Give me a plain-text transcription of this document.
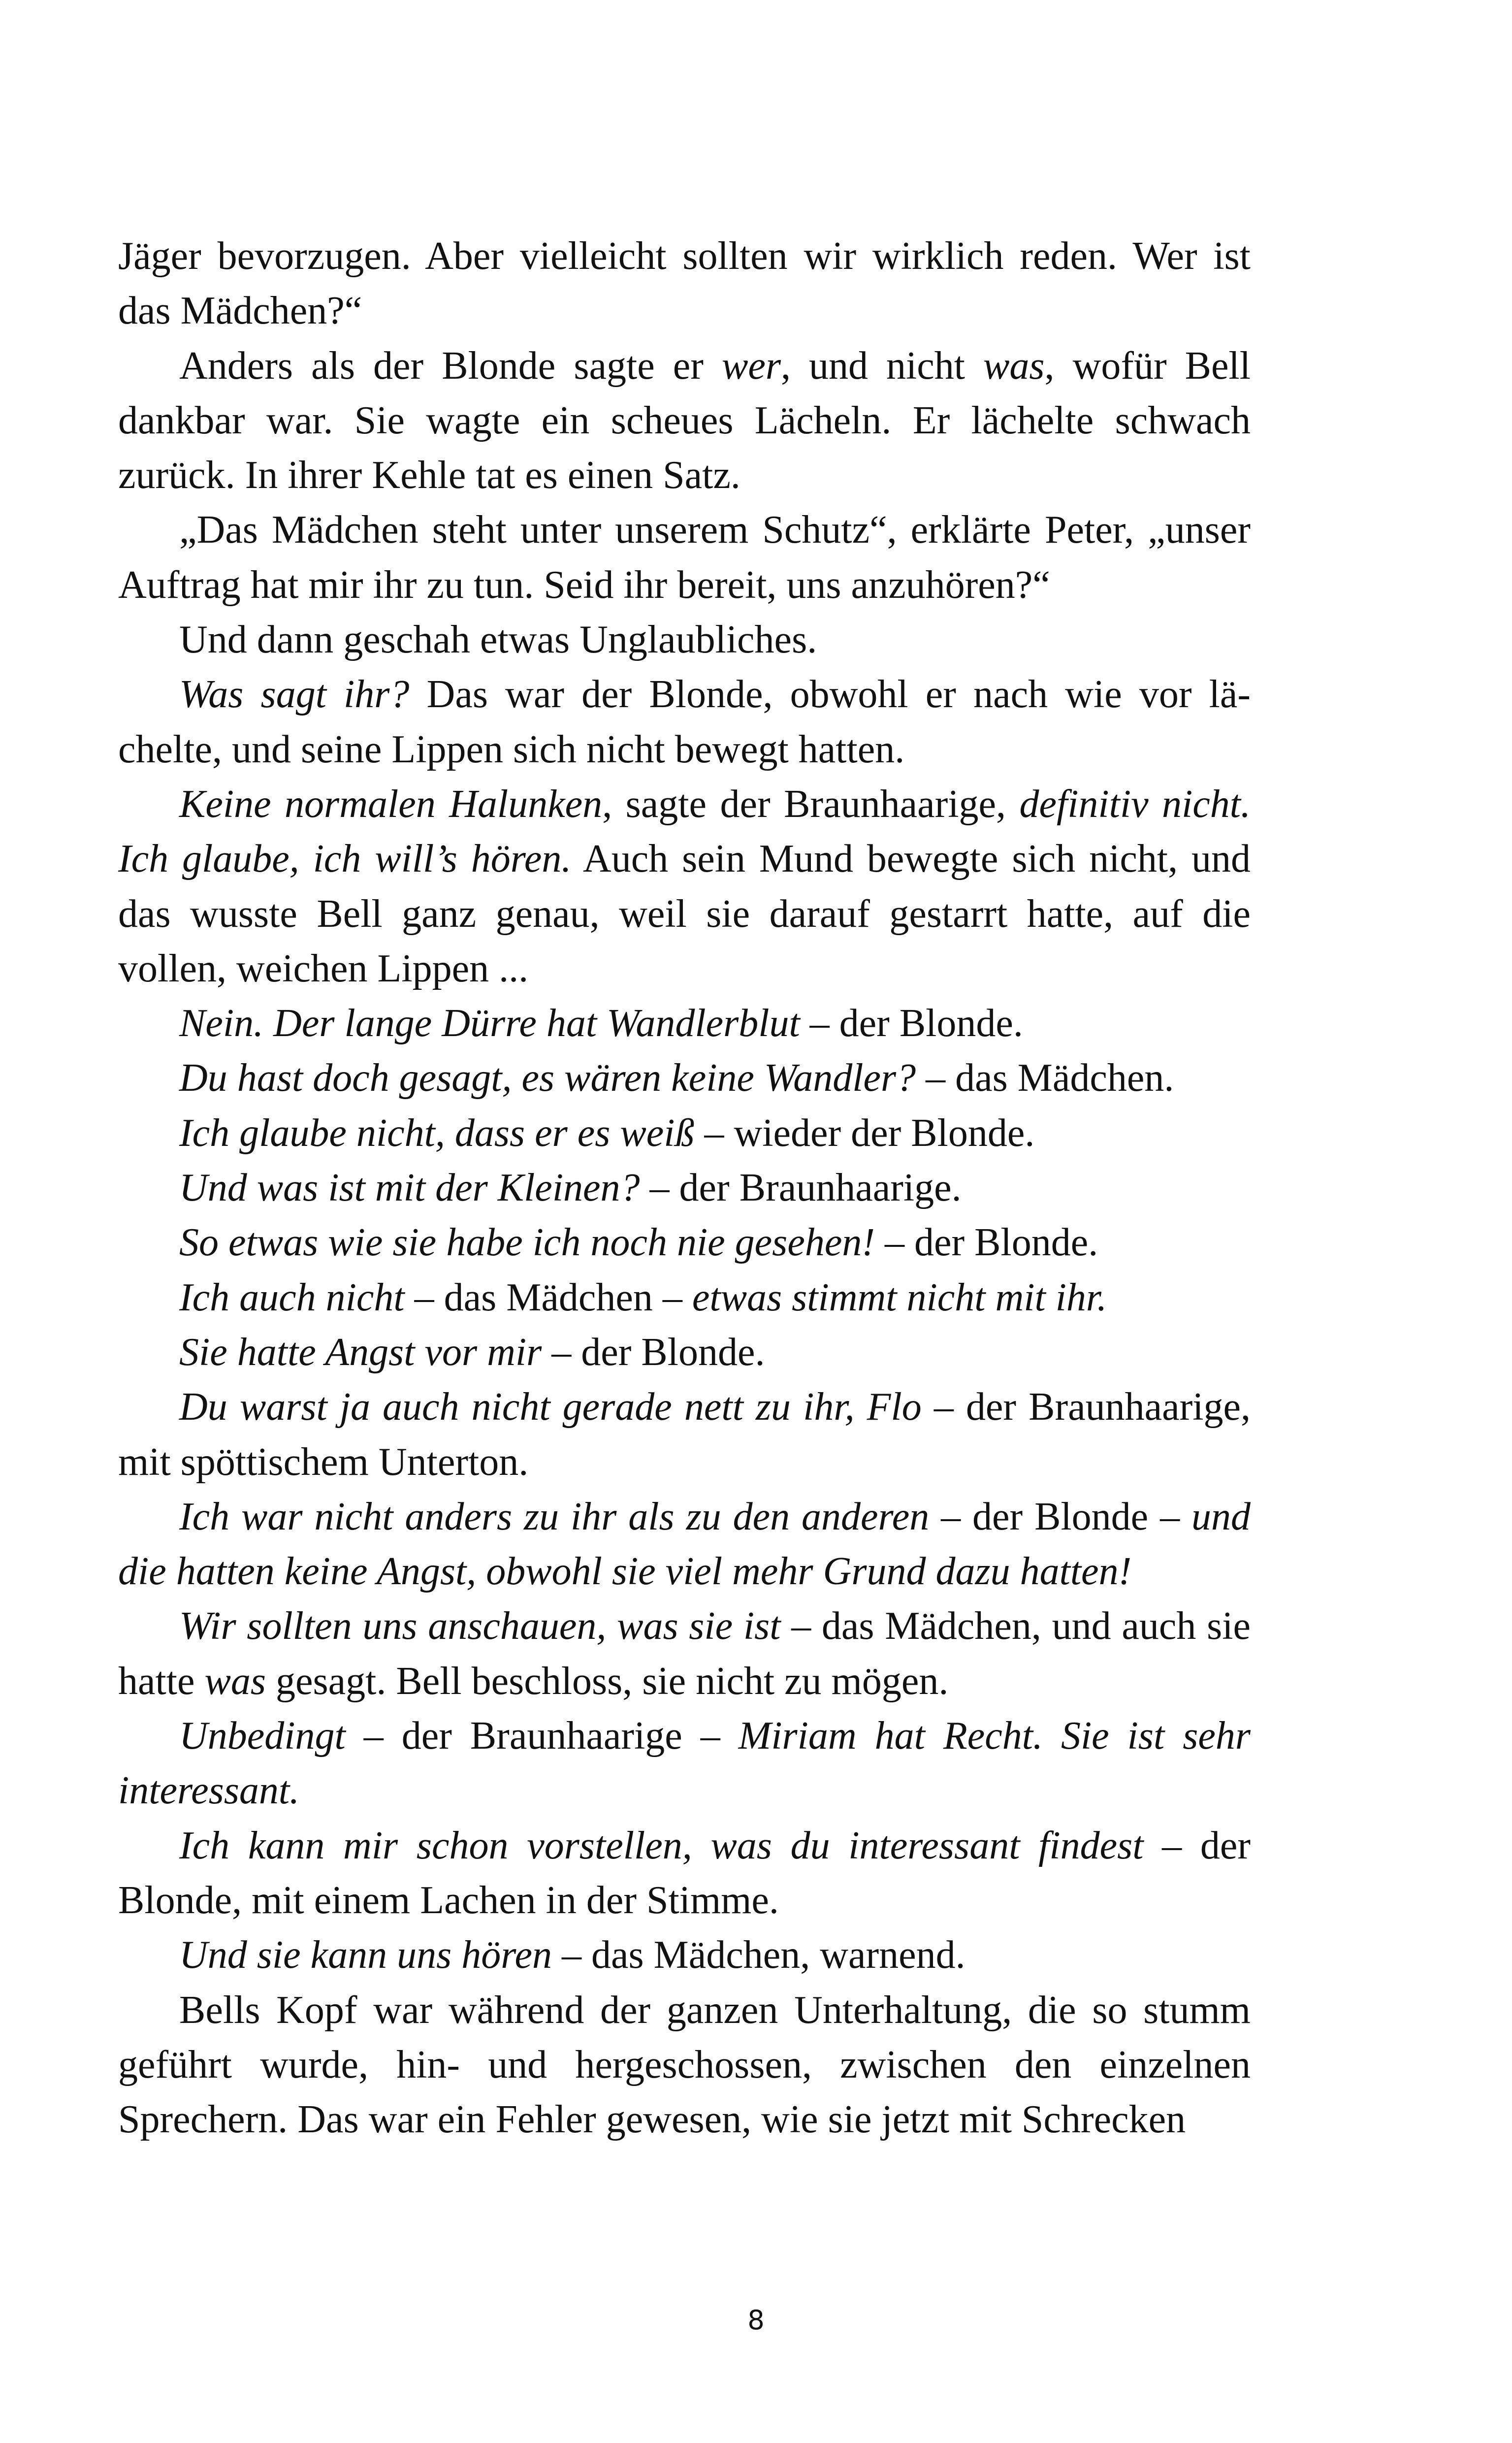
Jäger bevorzugen. Aber vielleicht sollten wir wirklich reden. Wer ist das Mädchen?“

Anders als der Blonde sagte er wer, und nicht was, wofür Bell dankbar war. Sie wagte ein scheues Lächeln. Er lächelte schwach zurück. In ihrer Kehle tat es einen Satz.

„Das Mädchen steht unter unserem Schutz“, erklärte Peter, „unser Auftrag hat mir ihr zu tun. Seid ihr bereit, uns anzuhören?“

Und dann geschah etwas Unglaubliches.

Was sagt ihr? Das war der Blonde, obwohl er nach wie vor lächelte, und seine Lippen sich nicht bewegt hatten.

Keine normalen Halunken, sagte der Braunhaarige, definitiv nicht. Ich glaube, ich will’s hören. Auch sein Mund bewegte sich nicht, und das wusste Bell ganz genau, weil sie darauf gestarrt hatte, auf die vollen, weichen Lippen ...

Nein. Der lange Dürre hat Wandlerblut – der Blonde.

Du hast doch gesagt, es wären keine Wandler? – das Mädchen.

Ich glaube nicht, dass er es weiß – wieder der Blonde.

Und was ist mit der Kleinen? – der Braunhaarige.

So etwas wie sie habe ich noch nie gesehen! – der Blonde.

Ich auch nicht – das Mädchen – etwas stimmt nicht mit ihr.

Sie hatte Angst vor mir – der Blonde.

Du warst ja auch nicht gerade nett zu ihr, Flo – der Braunhaarige, mit spöttischem Unterton.

Ich war nicht anders zu ihr als zu den anderen – der Blonde – und die hatten keine Angst, obwohl sie viel mehr Grund dazu hatten!

Wir sollten uns anschauen, was sie ist – das Mädchen, und auch sie hatte was gesagt. Bell beschloss, sie nicht zu mögen.

Unbedingt – der Braunhaarige – Miriam hat Recht. Sie ist sehr interessant.

Ich kann mir schon vorstellen, was du interessant findest – der Blonde, mit einem Lachen in der Stimme.

Und sie kann uns hören – das Mädchen, warnend.

Bells Kopf war während der ganzen Unterhaltung, die so stumm geführt wurde, hin- und hergeschossen, zwischen den einzelnen Sprechern. Das war ein Fehler gewesen, wie sie jetzt mit Schrecken

8
